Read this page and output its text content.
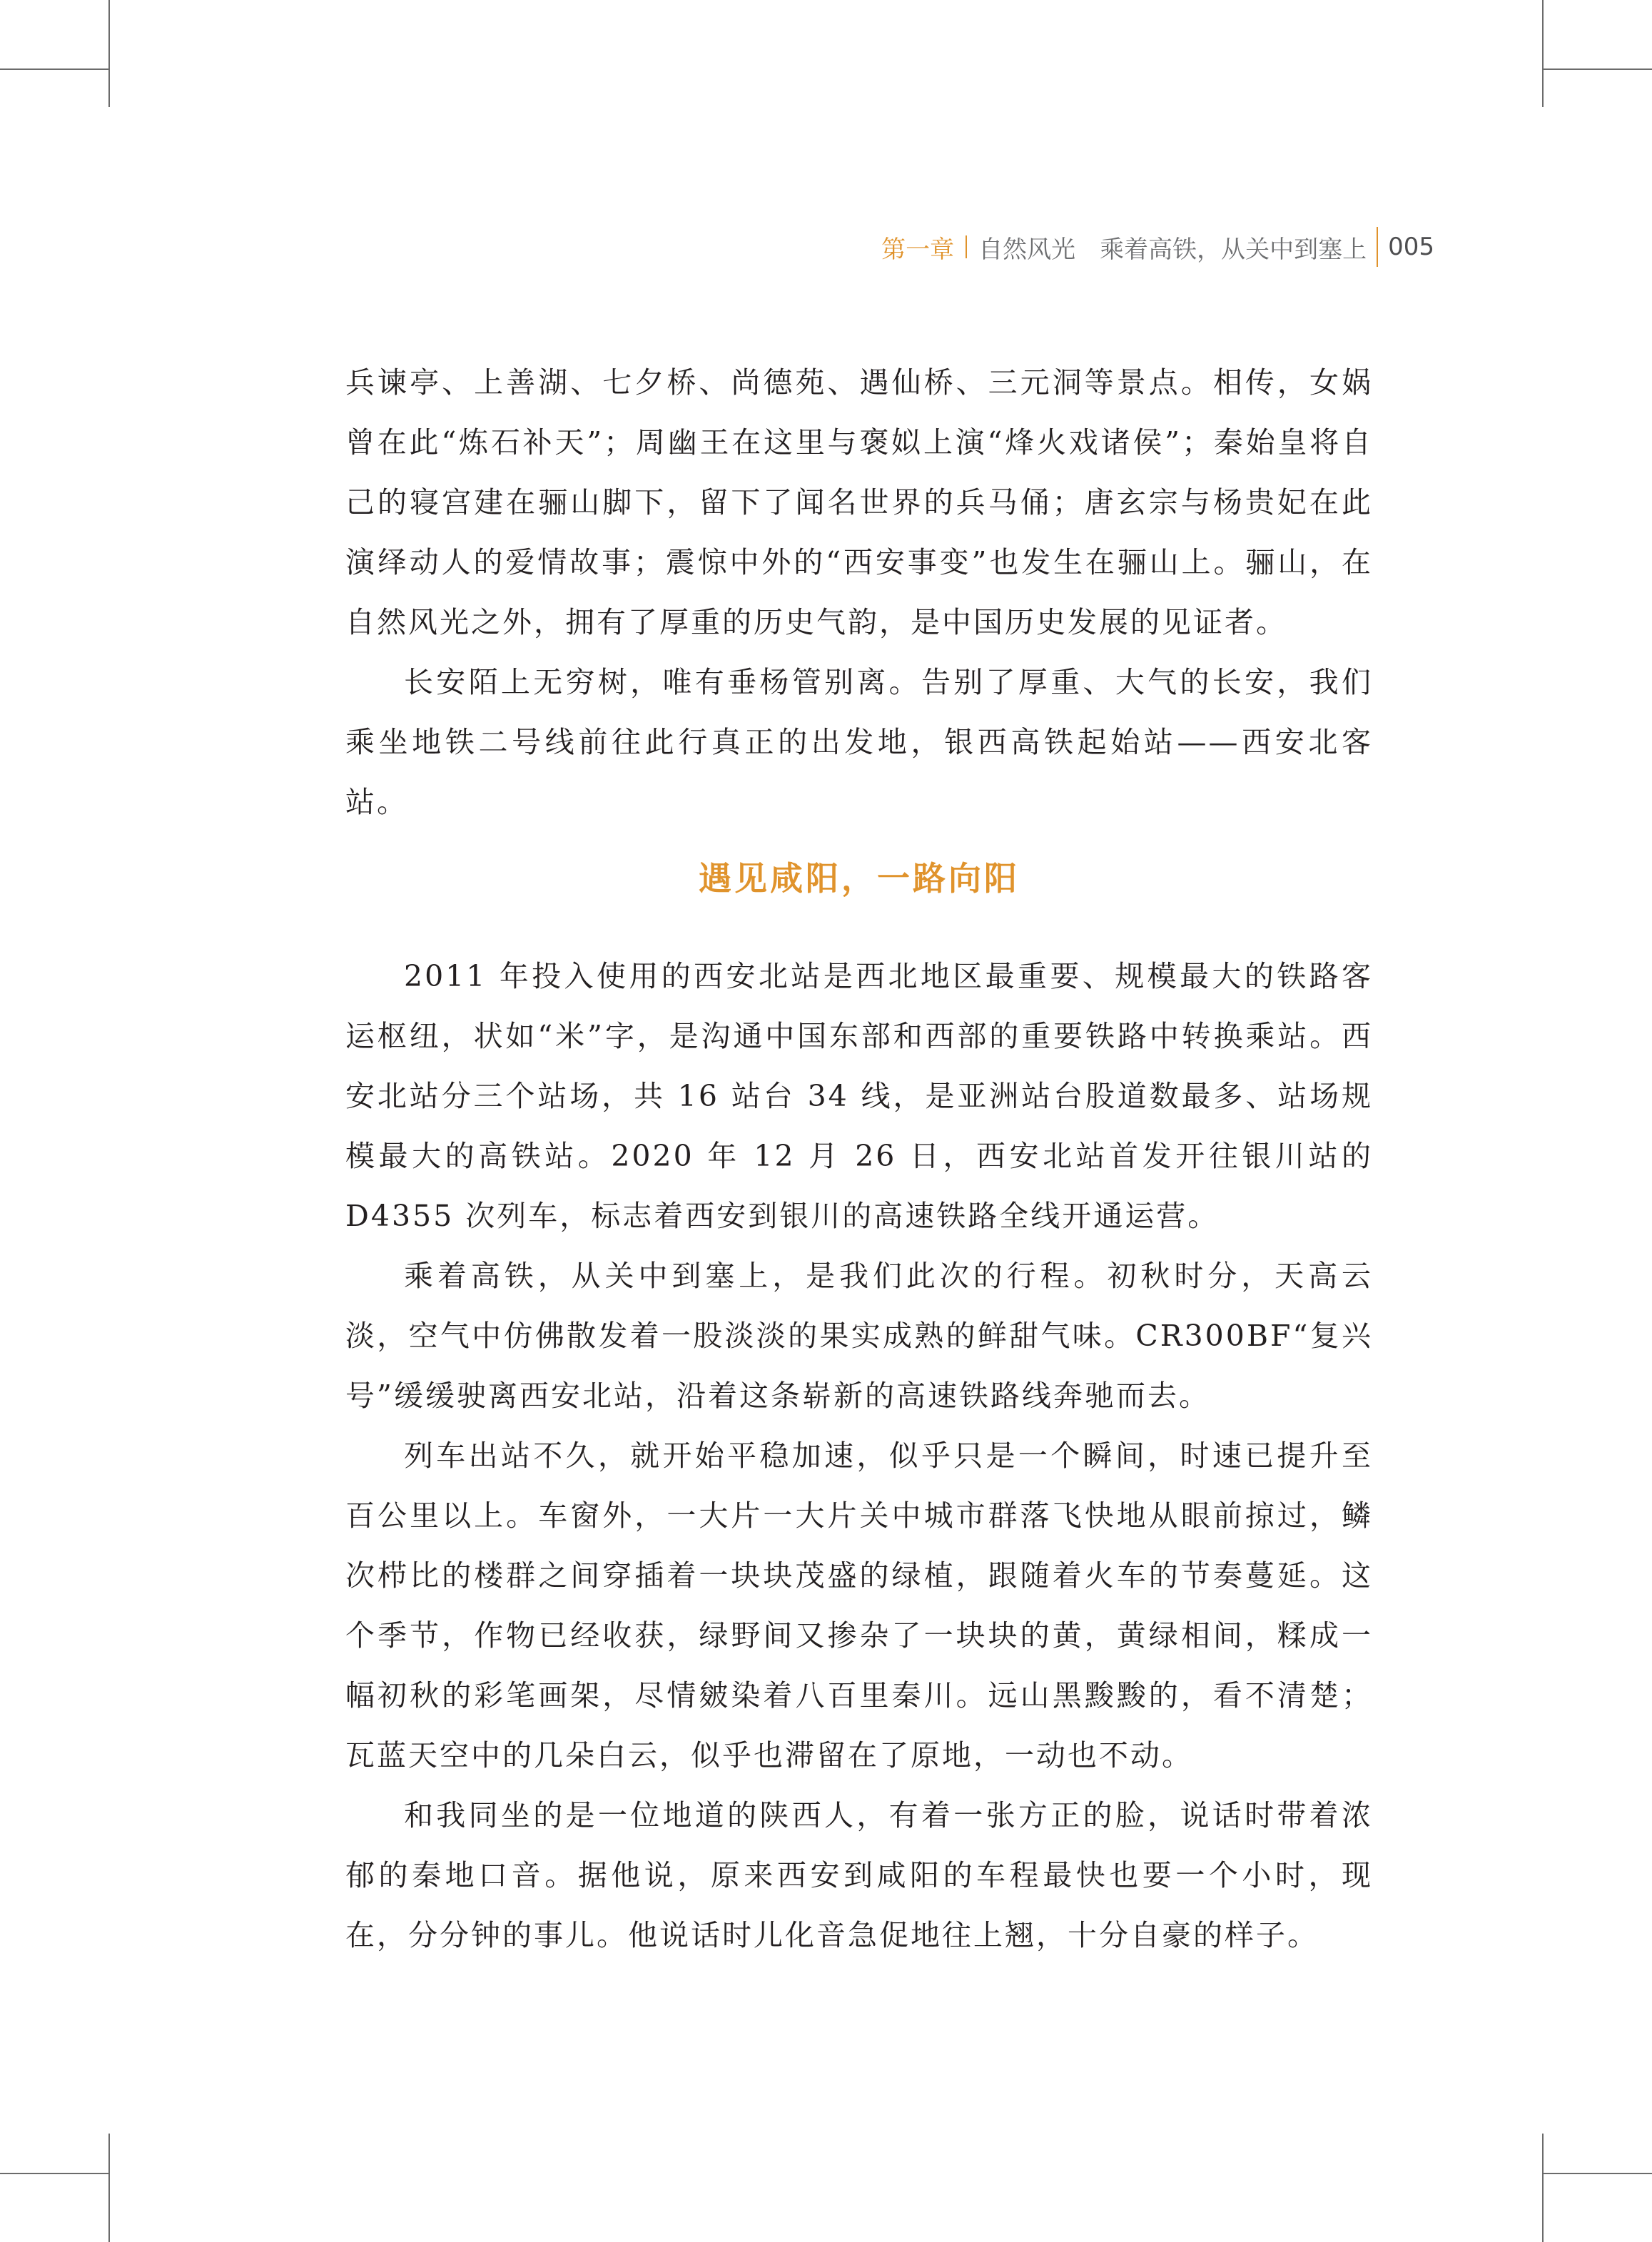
第一章 自然风光　乘着高铁，从关中到塞上 005

兵谏亭、上善湖、七夕桥、尚德苑、遇仙桥、三元洞等景点。相传，女娲曾在此“炼石补天”；周幽王在这里与褒姒上演“烽火戏诸侯”；秦始皇将自己的寝宫建在骊山脚下，留下了闻名世界的兵马俑；唐玄宗与杨贵妃在此演绎动人的爱情故事；震惊中外的“西安事变”也发生在骊山上。骊山，在自然风光之外，拥有了厚重的历史气韵，是中国历史发展的见证者。

长安陌上无穷树，唯有垂杨管别离。告别了厚重、大气的长安，我们乘坐地铁二号线前往此行真正的出发地，银西高铁起始站——西安北客站。

遇见咸阳，一路向阳

2011 年投入使用的西安北站是西北地区最重要、规模最大的铁路客运枢纽，状如“米”字，是沟通中国东部和西部的重要铁路中转换乘站。西安北站分三个站场，共 16 站台 34 线，是亚洲站台股道数最多、站场规模最大的高铁站。2020 年 12 月 26 日，西安北站首发开往银川站的 D4355 次列车，标志着西安到银川的高速铁路全线开通运营。

乘着高铁，从关中到塞上，是我们此次的行程。初秋时分，天高云淡，空气中仿佛散发着一股淡淡的果实成熟的鲜甜气味。CR300BF“复兴号”缓缓驶离西安北站，沿着这条崭新的高速铁路线奔驰而去。

列车出站不久，就开始平稳加速，似乎只是一个瞬间，时速已提升至百公里以上。车窗外，一大片一大片关中城市群落飞快地从眼前掠过，鳞次栉比的楼群之间穿插着一块块茂盛的绿植，跟随着火车的节奏蔓延。这个季节，作物已经收获，绿野间又掺杂了一块块的黄，黄绿相间，糅成一幅初秋的彩笔画架，尽情皴染着八百里秦川。远山黑黢黢的，看不清楚；瓦蓝天空中的几朵白云，似乎也滞留在了原地，一动也不动。

和我同坐的是一位地道的陕西人，有着一张方正的脸，说话时带着浓郁的秦地口音。据他说，原来西安到咸阳的车程最快也要一个小时，现在，分分钟的事儿。他说话时儿化音急促地往上翘，十分自豪的样子。
